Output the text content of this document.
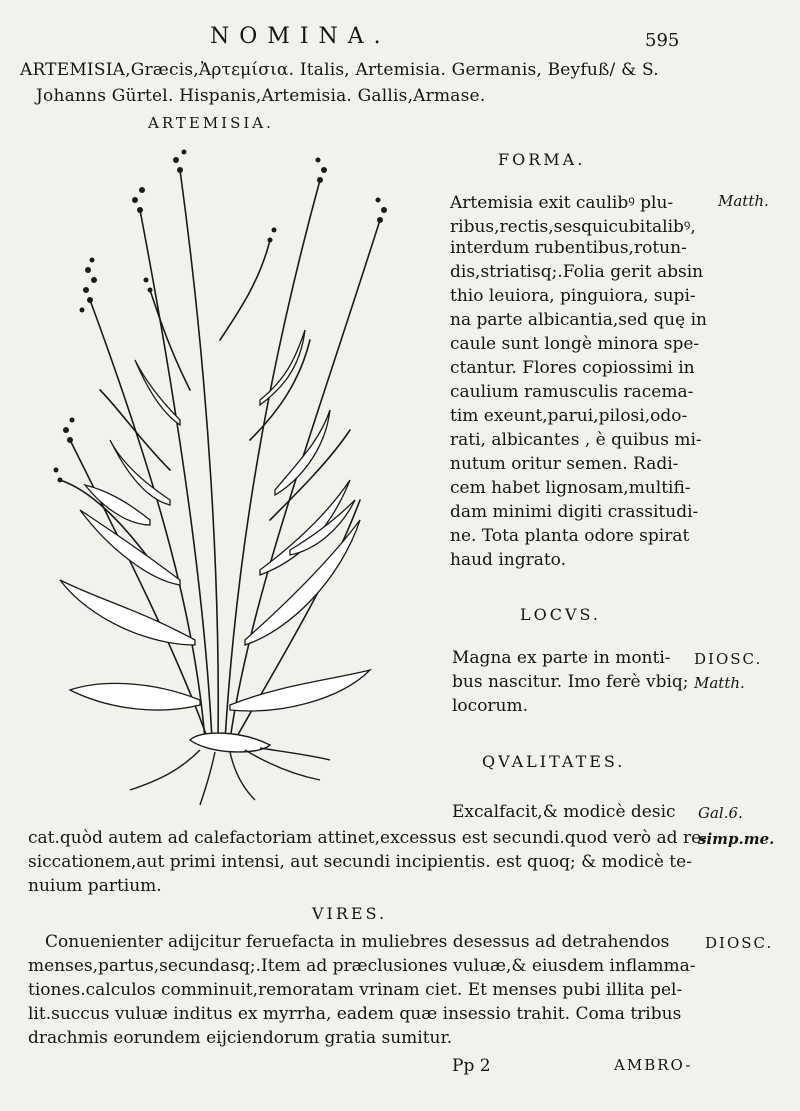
NOMINA.	595
ARTEMISIA,Græcis,Ἀρτεμίσια. Italis, Artemisia. Germanis, Beyfuß/ & S.
Johanns Gürtel. Hispanis,Artemisia. Gallis,Armase.
ARTEMISIA.
FORMA.
Artemisia exit caulibꝰ plu-
ribus,rectis,sesquicubitalibꝰ,
interdum rubentibus,rotun-
dis,striatisq;.Folia gerit absin
thio leuiora, pinguiora, supi-
na parte albicantia,sed quę in
caule sunt longè minora spe-
ctantur. Flores copiossimi in
caulium ramusculis racema-
tim exeunt,parui,pilosi,odo-
rati, albicantes , è quibus mi-
nutum oritur semen. Radi-
cem habet lignosam,multifi-
dam minimi digiti crassitudi-
ne. Tota planta odore spirat
haud ingrato.
Matth.
LOCVS.
Magna ex parte in monti-
bus nascitur. Imo ferè vbiq;
locorum.
DIOSC.
Matth.
QVALITATES.
Excalfacit,& modicè desic
cat.quòd autem ad calefactoriam attinet,excessus est secundi.quod verò ad re-
siccationem,aut primi intensi, aut secundi incipientis. est quoq; & modicè te-
nuium partium.
Gal.6.
simp.me.
VIRES.
Conuenienter adijcitur feruefacta in muliebres desessus ad detrahendos
menses,partus,secundasq;.Item ad præclusiones vuluæ,& eiusdem inflamma-
tiones.calculos comminuit,remoratam vrinam ciet. Et menses pubi illita pel-
lit.succus vuluæ inditus ex myrrha, eadem quæ insessio trahit. Coma tribus
drachmis eorundem eijciendorum gratia sumitur.
DIOSC.
Pp 2	AMBRO-
